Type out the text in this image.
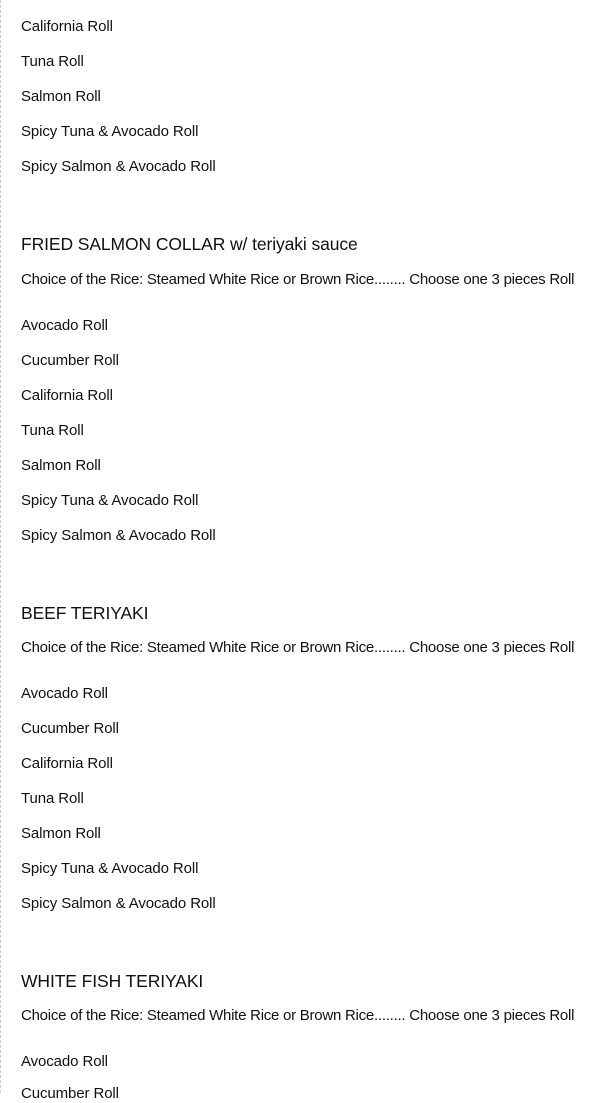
California Roll
Tuna Roll
Salmon Roll
Spicy Tuna & Avocado Roll
Spicy Salmon & Avocado Roll
FRIED SALMON COLLAR w/ teriyaki sauce
Choice of the Rice: Steamed White Rice or Brown Rice........ Choose one 3 pieces Roll
Avocado Roll
Cucumber Roll
California Roll
Tuna Roll
Salmon Roll
Spicy Tuna & Avocado Roll
Spicy Salmon & Avocado Roll
BEEF TERIYAKI
Choice of the Rice: Steamed White Rice or Brown Rice........ Choose one 3 pieces Roll
Avocado Roll
Cucumber Roll
California Roll
Tuna Roll
Salmon Roll
Spicy Tuna & Avocado Roll
Spicy Salmon & Avocado Roll
WHITE FISH TERIYAKI
Choice of the Rice: Steamed White Rice or Brown Rice........ Choose one 3 pieces Roll
Avocado Roll
Cucumber Roll
